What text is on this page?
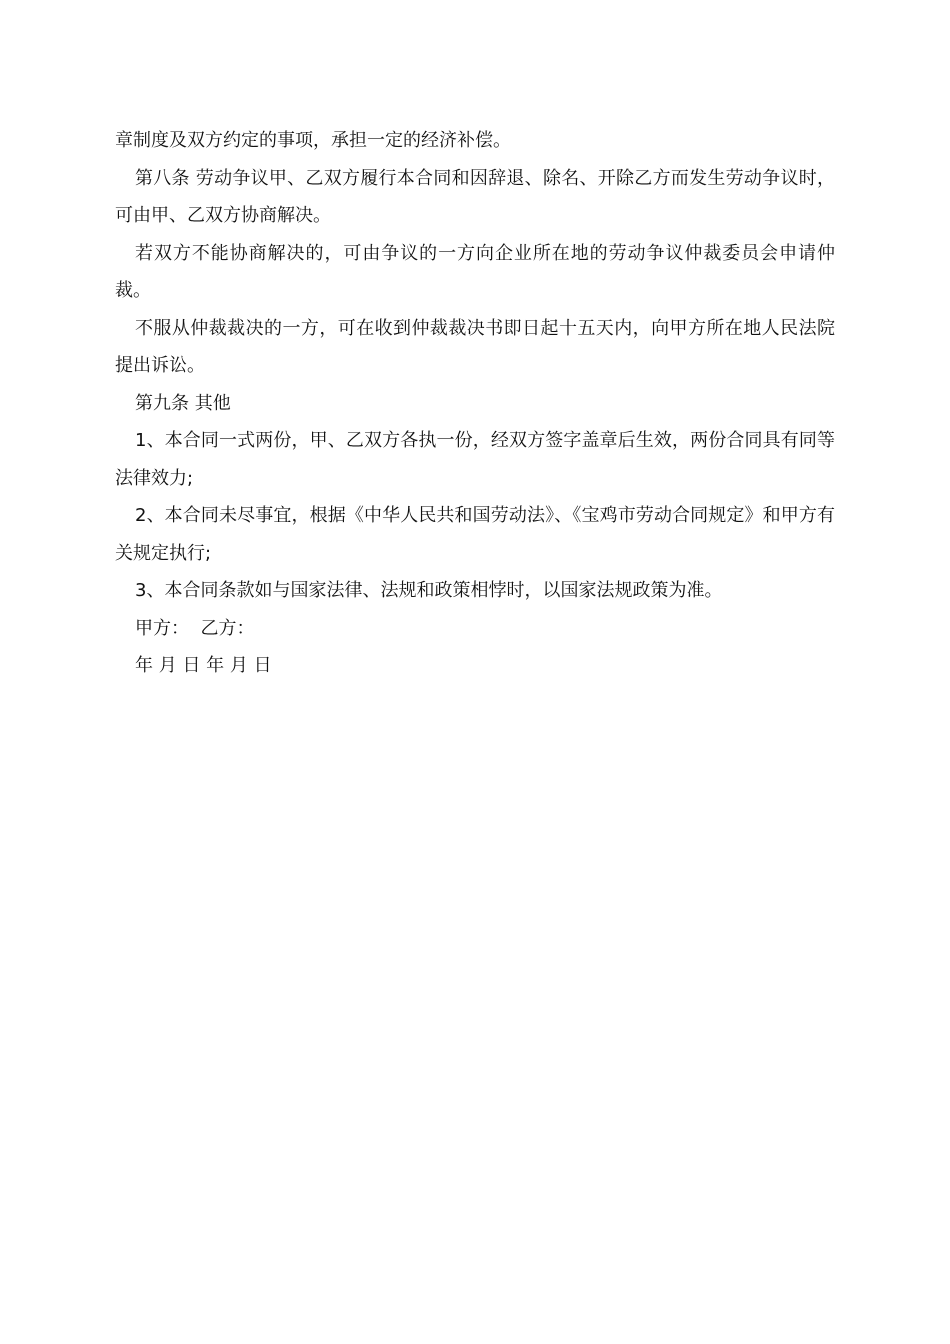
章制度及双方约定的事项，承担一定的经济补偿。

第八条 劳动争议甲、乙双方履行本合同和因辞退、除名、开除乙方而发生劳动争议时，可由甲、乙双方协商解决。

若双方不能协商解决的，可由争议的一方向企业所在地的劳动争议仲裁委员会申请仲裁。

不服从仲裁裁决的一方，可在收到仲裁裁决书即日起十五天内，向甲方所在地人民法院提出诉讼。

第九条 其他

1、本合同一式两份，甲、乙双方各执一份，经双方签字盖章后生效，两份合同具有同等法律效力;

2、本合同未尽事宜，根据《中华人民共和国劳动法》、《宝鸡市劳动合同规定》和甲方有关规定执行;

3、本合同条款如与国家法律、法规和政策相悖时，以国家法规政策为准。

甲方： 乙方：

年 月 日 年 月 日
